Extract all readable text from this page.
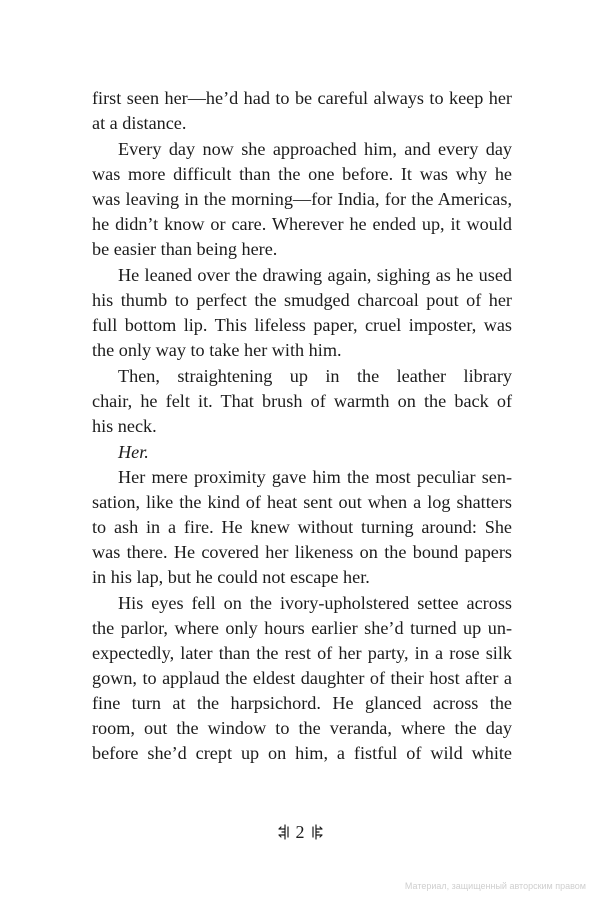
first seen her—he’d had to be careful always to keep her
at a distance.
Every day now she approached him, and every day
was more difficult than the one before. It was why he
was leaving in the morning—for India, for the Americas,
he didn’t know or care. Wherever he ended up, it would
be easier than being here.
He leaned over the drawing again, sighing as he used
his thumb to perfect the smudged charcoal pout of her
full bottom lip. This lifeless paper, cruel imposter, was
the only way to take her with him.
Then, straightening up in the leather library
chair, he felt it. That brush of warmth on the back of
his neck.
Her.
Her mere proximity gave him the most peculiar sen-
sation, like the kind of heat sent out when a log shatters
to ash in a fire. He knew without turning around: She
was there. He covered her likeness on the bound papers
in his lap, but he could not escape her.
His eyes fell on the ivory-upholstered settee across
the parlor, where only hours earlier she’d turned up un-
expectedly, later than the rest of her party, in a rose silk
gown, to applaud the eldest daughter of their host after a
fine turn at the harpsichord. He glanced across the
room, out the window to the veranda, where the day
before she’d crept up on him, a fistful of wild white
2
Материал, защищенный авторским правом
